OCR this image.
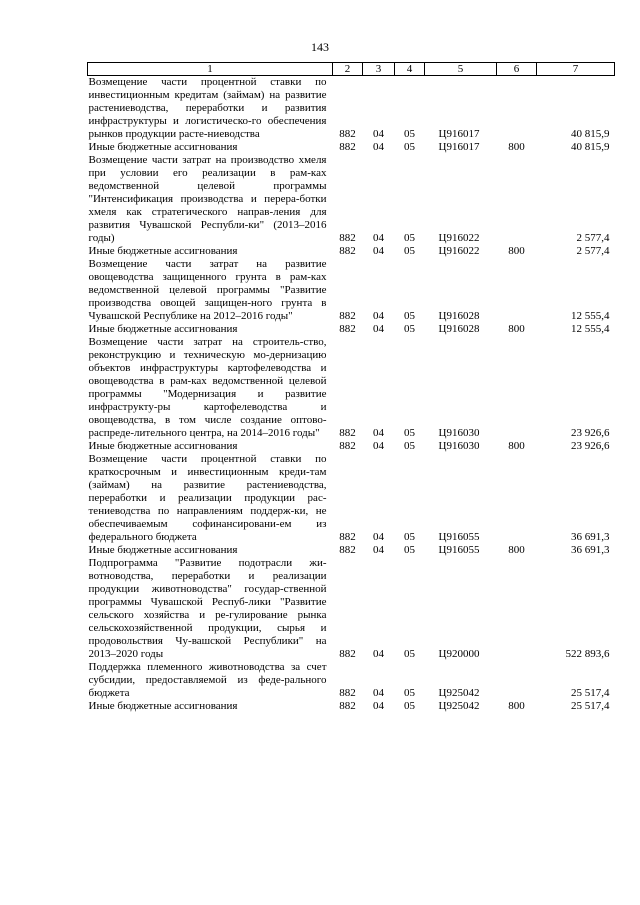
143
1	2	3	4	5	6	7
Возмещение части процентной ставки по инвестиционным кредитам (займам) на развитие растениеводства, переработки и развития инфраструктуры и логистическо-го обеспечения рынков продукции расте-ниеводства	882	04	05	Ц916017		40 815,9
Иные бюджетные ассигнования	882	04	05	Ц916017	800	40 815,9
Возмещение части затрат на производство хмеля при условии его реализации в рам-ках ведомственной целевой программы "Интенсификация производства и перера-ботки хмеля как стратегического направ-ления для развития Чувашской Республи-ки" (2013–2016 годы)	882	04	05	Ц916022		2 577,4
Иные бюджетные ассигнования	882	04	05	Ц916022	800	2 577,4
Возмещение части затрат на развитие овощеводства защищенного грунта в рам-ках ведомственной целевой программы "Развитие производства овощей защищен-ного грунта в Чувашской Республике на 2012–2016 годы"	882	04	05	Ц916028		12 555,4
Иные бюджетные ассигнования	882	04	05	Ц916028	800	12 555,4
Возмещение части затрат на строитель-ство, реконструкцию и техническую мо-дернизацию объектов инфраструктуры картофелеводства и овощеводства в рам-ках ведомственной целевой программы "Модернизация и развитие инфраструкту-ры картофелеводства и овощеводства, в том числе создание оптово-распреде-лительного центра, на 2014–2016 годы"	882	04	05	Ц916030		23 926,6
Иные бюджетные ассигнования	882	04	05	Ц916030	800	23 926,6
Возмещение части процентной ставки по краткосрочным и инвестиционным креди-там (займам) на развитие растениеводства, переработки и реализации продукции рас-тениеводства по направлениям поддерж-ки, не обеспечиваемым софинансировани-ем из федерального бюджета	882	04	05	Ц916055		36 691,3
Иные бюджетные ассигнования	882	04	05	Ц916055	800	36 691,3
Подпрограмма "Развитие подотрасли жи-вотноводства, переработки и реализации продукции животноводства" государ-ственной программы Чувашской Респуб-лики "Развитие сельского хозяйства и ре-гулирование рынка сельскохозяйственной продукции, сырья и продовольствия Чу-вашской Республики" на 2013–2020 годы	882	04	05	Ц920000		522 893,6
Поддержка племенного животноводства за счет субсидии, предоставляемой из феде-рального бюджета	882	04	05	Ц925042		25 517,4
Иные бюджетные ассигнования	882	04	05	Ц925042	800	25 517,4
